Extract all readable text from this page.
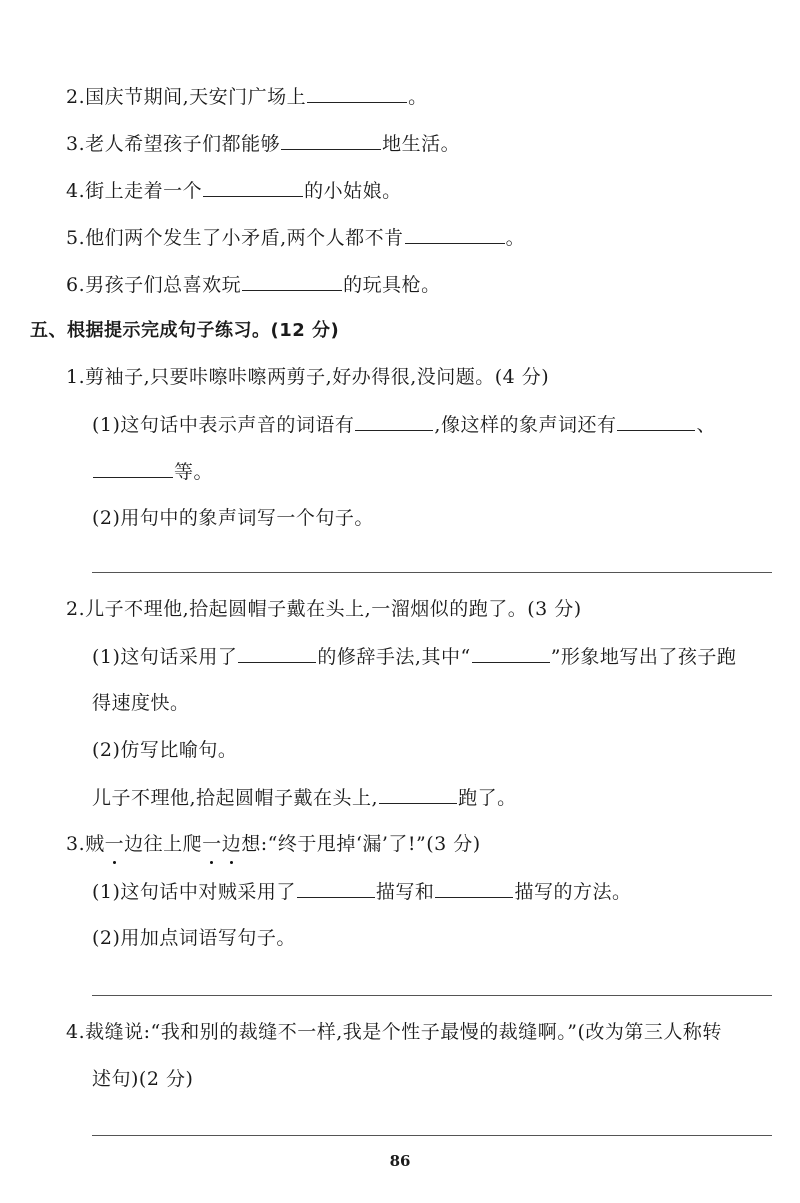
2.国庆节期间,天安门广场上	。
3.老人希望孩子们都能够	地生活。
4.街上走着一个	的小姑娘。
5.他们两个发生了小矛盾,两个人都不肯	。
6.男孩子们总喜欢玩	的玩具枪。
五、根据提示完成句子练习。(12 分)
1.剪袖子,只要咔嚓咔嚓两剪子,好办得很,没问题。(4 分)
(1)这句话中表示声音的词语有	,像这样的象声词还有	、
等。
(2)用句中的象声词写一个句子。
2.儿子不理他,拾起圆帽子戴在头上,一溜烟似的跑了。(3 分)
(1)这句话采用了	的修辞手法,其中“	”形象地写出了孩子跑
得速度快。
(2)仿写比喻句。
儿子不理他,拾起圆帽子戴在头上,	跑了。
3.贼一边往上爬一边想:“终于甩掉‘漏’了!”(3 分)
(1)这句话中对贼采用了	描写和	描写的方法。
(2)用加点词语写句子。
4.裁缝说:“我和别的裁缝不一样,我是个性子最慢的裁缝啊。”(改为第三人称转
述句)(2 分)
86
